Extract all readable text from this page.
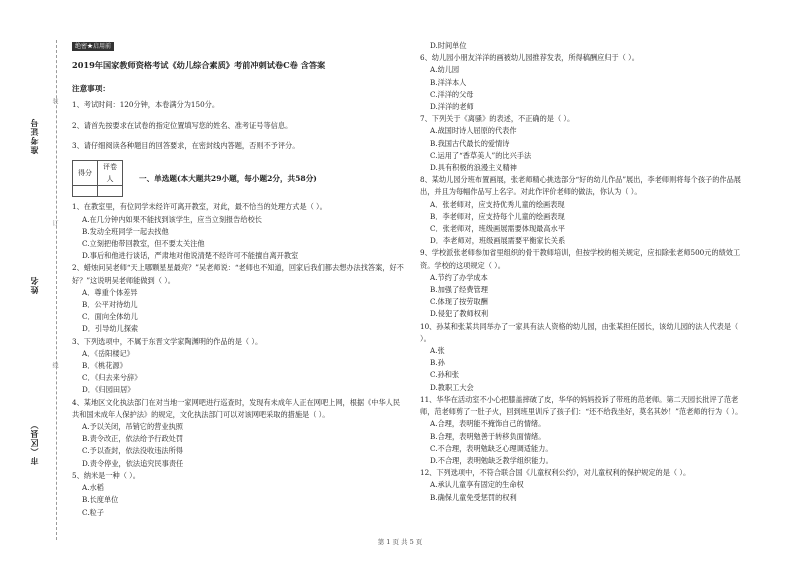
准考证号
姓名
市（区县）
装
订
线
绝密★启用前
2019年国家教师资格考试《幼儿综合素质》考前冲刺试卷C卷 含答案
注意事项：

1、考试时间：120分钟，本卷满分为150分。

2、请首先按要求在试卷的指定位置填写您的姓名、准考证号等信息。

3、请仔细阅读各种题目的回答要求，在密封线内答题，否则不予评分。

得分	评卷人
		一、单选题(本大题共29小题，每小题2分，共58分)

1、在教室里，有位同学未经许可离开教室，对此，最不恰当的处理方式是（ ）。

A.在几分钟内如果不能找到该学生，应当立刻报告给校长

B.发动全班同学一起去找他

C.立刻把他带回教室，但不要太关注他

D.事后和他进行谈话，严肃地对他说清楚不经许可不能擅自离开教室

2、蜡烛问吴老师“天上哪颗星星最亮？”吴老师说：“老师也不知道，回家后我们都去想办法找答案，好不好？”这说明吴老师能做到（ ）。

A．尊重个体差异

B．公平对待幼儿

C．面向全体幼儿

D．引导幼儿探索

3、下列选项中，不属于东晋文学家陶渊明的作品的是（ ）。

A．《岳阳楼记》

B．《桃花源》

C．《归去来兮辞》

D．《归园田居》

4、某地区文化执法部门在对当地一家网吧进行巡查时，发现有未成年人正在网吧上网，根据《中华人民共和国未成年人保护法》的规定，文化执法部门可以对该网吧采取的措施是（ ）。

A.予以关闭，吊销它的营业执照

B.责令改正，依法给予行政处罚

C.予以查封，依法没收违法所得

D.责令停业，依法追究民事责任

5、纳米是一种（ ）。

A.水稻

B.长度单位

C.粒子

D.时间单位

6、幼儿园小朋友洋洋的画被幼儿园推荐发表，所得稿酬应归于（ ）。

A.幼儿园

B.洋洋本人

C.洋洋的父母

D.洋洋的老师

7、下列关于《离骚》的表述，不正确的是（ ）。

A.战国时诗人屈原的代表作

B.我国古代最长的爱情诗

C.运用了“香草美人”的比兴手法

D.具有积极的浪漫主义精神

8、某幼儿园分班布置画展，张老师精心挑选部分“好的幼儿作品”展出，李老师则将每个孩子的作品展出，并且为每幅作品写上名字。对此作评价老师的做法，你认为（ ）。

A．张老师对，应支持优秀儿童的绘画表现

B．李老师对，应支持每个儿童的绘画表现

C．张老师对，班级画展需要体现最高水平

D．李老师对，班级画展需要平衡家长关系

9、学校派张老师参加省里组织的骨干教师培训，但按学校的相关规定，应扣除张老师500元的绩效工资。学校的这项规定（ ）。

A.节约了办学成本

B.加强了经费管理

C.体现了按劳取酬

D.侵犯了教师权利

10、孙某和张某共同举办了一家具有法人资格的幼儿园，由张某担任园长，该幼儿园的法人代表是（ ）。

A.张

B.孙

C.孙和张

D.教职工大会

11、华华在活动室不小心把膝盖摔破了皮，华华的妈妈投诉了带班的范老师。第二天园长批评了范老师，范老师剪了一肚子火，回到班里训斥了孩子们：“还不给我坐好，莫名其妙！”范老师的行为（ ）。

A.合理，表明能不掩饰自己的情绪。

B.合理，表明勉善于转移负面情绪。

C.不合理，表明勉缺乏心理调适能力。

D.不合理，表明勉缺乏教学组织能力。

12、下列选项中，不符合联合国《儿童权利公约》，对儿童权利的保护规定的是（ ）。

A.承认儿童享有固定的生命权

B.确保儿童免受惩罚的权利

第 1 页 共 5 页
